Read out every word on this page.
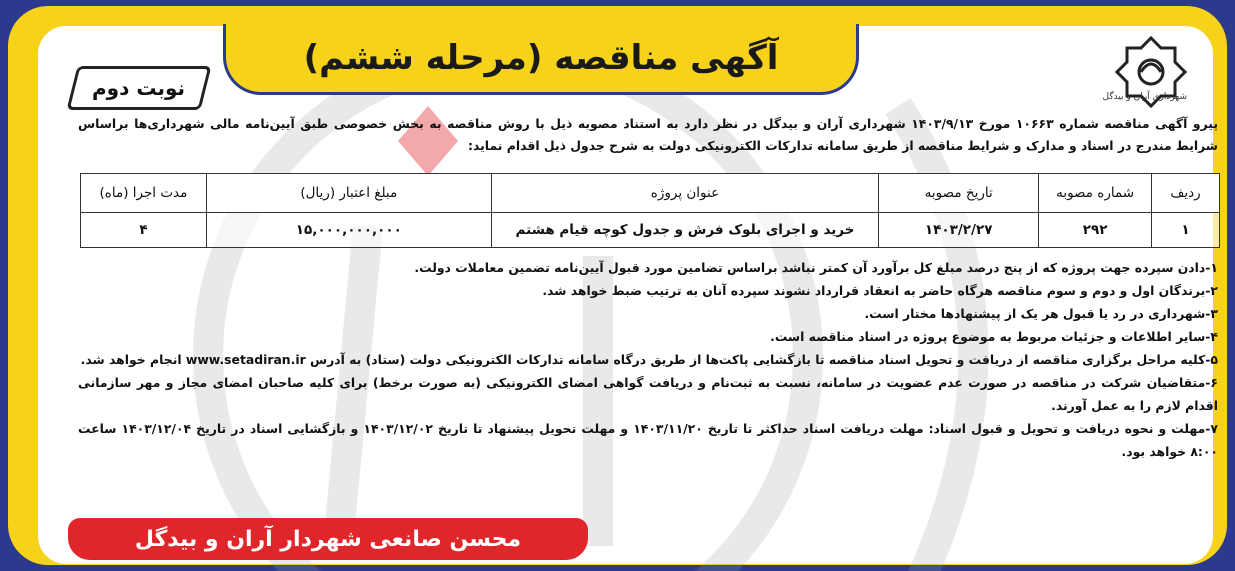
آگهی مناقصه (مرحله ششم)
شهرداری آران و بیدگل
نوبت دوم
پیرو آگهی مناقصه شماره ۱۰۶۶۳ مورخ ۱۴۰۳/۹/۱۳ شهرداری آران و بیدگل در نظر دارد به استناد مصوبه ذیل با روش مناقصه به بخش خصوصی طبق آیین‌نامه مالی شهرداری‌ها براساس شرایط مندرج در اسناد و مدارک و شرایط مناقصه از طریق سامانه تدارکات الکترونیکی دولت به شرح جدول ذیل اقدام نماید:
ردیف	شماره مصوبه	تاریخ مصوبه	عنوان پروژه	مبلغ اعتبار (ریال)	مدت اجرا (ماه)
۱	۲۹۲	۱۴۰۳/۲/۲۷	خرید و اجرای بلوک فرش و جدول کوچه قیام هشتم	۱۵,۰۰۰,۰۰۰,۰۰۰	۴
۱-دادن سپرده جهت پروژه که از پنج درصد مبلغ کل برآورد آن کمتر نباشد براساس تضامین مورد قبول آیین‌نامه تضمین معاملات دولت.
۲-برندگان اول و دوم و سوم مناقصه هرگاه حاضر به انعقاد قرارداد نشوند سپرده آنان به ترتیب ضبط خواهد شد.
۳-شهرداری در رد یا قبول هر یک از پیشنهادها مختار است.
۴-سایر اطلاعات و جزئیات مربوط به موضوع پروژه در اسناد مناقصه است.
۵-کلیه مراحل برگزاری مناقصه از دریافت و تحویل اسناد مناقصه تا بازگشایی پاکت‌ها از طریق درگاه سامانه تدارکات الکترونیکی دولت (ستاد) به آدرس www.setadiran.ir انجام خواهد شد.
۶-متقاضیان شرکت در مناقصه در صورت عدم عضویت در سامانه، نسبت به ثبت‌نام و دریافت گواهی امضای الکترونیکی (به صورت برخط) برای کلیه صاحبان امضای مجاز و مهر سازمانی اقدام لازم را به عمل آورند.
۷-مهلت و نحوه دریافت و تحویل و قبول اسناد: مهلت دریافت اسناد حداکثر تا تاریخ ۱۴۰۳/۱۱/۲۰ و مهلت تحویل پیشنهاد تا تاریخ ۱۴۰۳/۱۲/۰۲ و بازگشایی اسناد در تاریخ ۱۴۰۳/۱۲/۰۴ ساعت ۸:۰۰ خواهد بود.
محسن صانعی شهردار آران و بیدگل
